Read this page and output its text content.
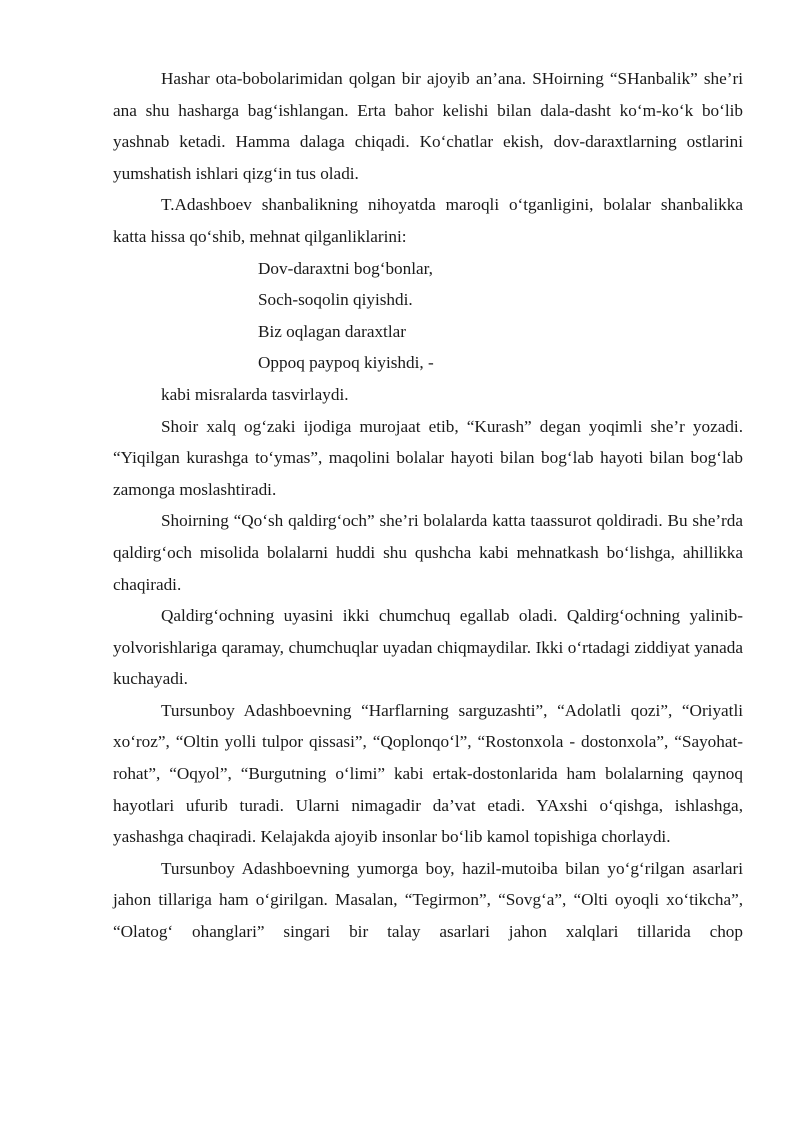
Hashar ota-bobolarimidan qolgan bir ajoyib an’ana. SHoirning “SHanbalik” she’ri ana shu hasharga bag‘ishlangan. Erta bahor kelishi bilan dala-dasht ko‘m-ko‘k bo‘lib yashnab ketadi. Hamma dalaga chiqadi. Ko‘chatlar ekish, dov-daraxtlarning ostlarini yumshatish ishlari qizg‘in tus oladi.

T.Adashboev shanbalikning nihoyatda maroqli o‘tganligini, bolalar shanbalikka katta hissa qo‘shib, mehnat qilganliklarini:

Dov-daraxtni bog‘bonlar,
Soch-soqolin qiyishdi.
Biz oqlagan daraxtlar
Oppoq paypoq kiyishdi, -

kabi misralarda tasvirlaydi.

Shoir xalq og‘zaki ijodiga murojaat etib, “Kurash” degan yoqimli she’r yozadi. “Yiqilgan kurashga to‘ymas”, maqolini bolalar hayoti bilan bog‘lab hayoti bilan bog‘lab zamonga moslashtiradi.

Shoirning “Qo‘sh qaldirg‘och” she’ri bolalarda katta taassurot qoldiradi. Bu she’rda qaldirg‘och misolida bolalarni huddi shu qushcha kabi mehnatkash bo‘lishga, ahillikka chaqiradi.

Qaldirg‘ochning uyasini ikki chumchuq egallab oladi. Qaldirg‘ochning yalinib-yolvorishlariga qaramay, chumchuqlar uyadan chiqmaydilar. Ikki o‘rtadagi ziddiyat yanada kuchayadi.

Tursunboy Adashboevning “Harflarning sarguzashti”, “Adolatli qozi”, “Oriyatli xo‘roz”, “Oltin yolli tulpor qissasi”, “Qoplonqo‘l”, “Rostonxola - dostonxola”, “Sayohat-rohat”, “Oqyol”, “Burgutning o‘limi” kabi ertak-dostonlarida ham bolalarning qaynoq hayotlari ufurib turadi. Ularni nimagadir da’vat etadi. YAxshi o‘qishga, ishlashga, yashashga chaqiradi. Kelajakda ajoyib insonlar bo‘lib kamol topishiga chorlaydi.

Tursunboy Adashboevning yumorga boy, hazil-mutoiba bilan yo‘g‘rilgan asarlari jahon tillariga ham o‘girilgan. Masalan, “Tegirmon”, “Sovg‘a”, “Olti oyoqli xo‘tikcha”, “Olatog‘ ohanglari” singari bir talay asarlari jahon xalqlari tillarida chop
